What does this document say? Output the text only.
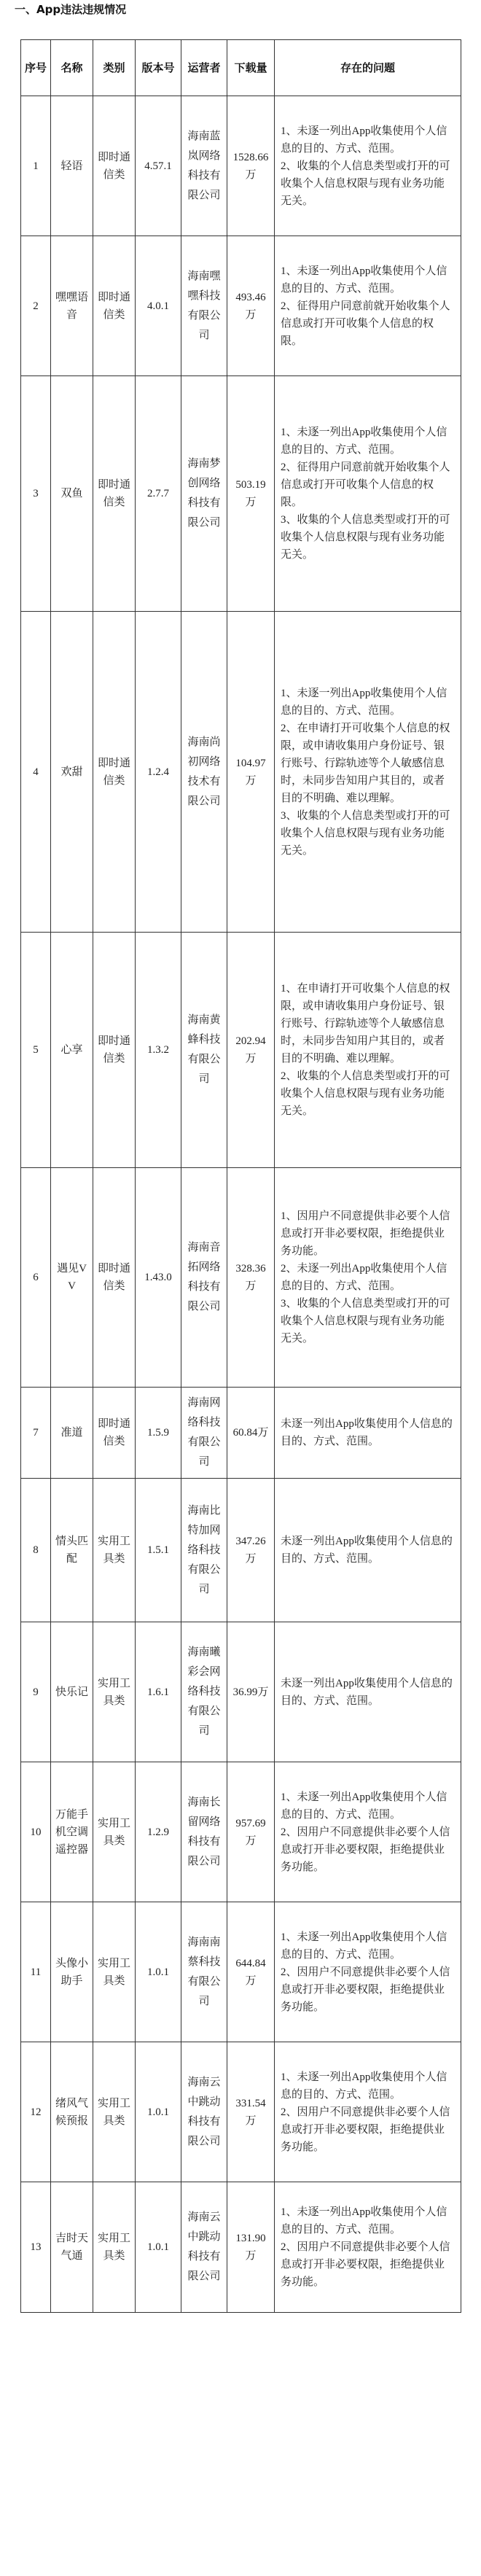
一、App违法违规情况
序号	名称	类别	版本号	运营者	下载量	存在的问题
1	轻语	即时通信类	4.57.1	海南蓝岚网络科技有限公司	1528.66万	1、未逐一列出App收集使用个人信息的目的、方式、范围。
2、收集的个人信息类型或打开的可收集个人信息权限与现有业务功能无关。

2	嘿嘿语音	即时通信类	4.0.1	海南嘿嘿科技有限公司	493.46万	1、未逐一列出App收集使用个人信息的目的、方式、范围。
2、征得用户同意前就开始收集个人信息或打开可收集个人信息的权限。

3	双鱼	即时通信类	2.7.7	海南梦创网络科技有限公司	503.19万	1、未逐一列出App收集使用个人信息的目的、方式、范围。
2、征得用户同意前就开始收集个人信息或打开可收集个人信息的权限。
3、收集的个人信息类型或打开的可收集个人信息权限与现有业务功能无关。

4	欢甜	即时通信类	1.2.4	海南尚初网络技术有限公司	104.97万	1、未逐一列出App收集使用个人信息的目的、方式、范围。
2、在申请打开可收集个人信息的权限，或申请收集用户身份证号、银行账号、行踪轨迹等个人敏感信息时，未同步告知用户其目的，或者目的不明确、难以理解。
3、收集的个人信息类型或打开的可收集个人信息权限与现有业务功能无关。

5	心享	即时通信类	1.3.2	海南黄蜂科技有限公司	202.94万	1、在申请打开可收集个人信息的权限，或申请收集用户身份证号、银行账号、行踪轨迹等个人敏感信息时，未同步告知用户其目的，或者目的不明确、难以理解。
2、收集的个人信息类型或打开的可收集个人信息权限与现有业务功能无关。

6	遇见VV	即时通信类	1.43.0	海南音拓网络科技有限公司	328.36万	1、因用户不同意提供非必要个人信息或打开非必要权限，拒绝提供业务功能。
2、未逐一列出App收集使用个人信息的目的、方式、范围。
3、收集的个人信息类型或打开的可收集个人信息权限与现有业务功能无关。

7	准道	即时通信类	1.5.9	海南网络科技有限公司	60.84万	未逐一列出App收集使用个人信息的目的、方式、范围。

8	情头匹配	实用工具类	1.5.1	海南比特加网络科技有限公司	347.26万	未逐一列出App收集使用个人信息的目的、方式、范围。

9	快乐记	实用工具类	1.6.1	海南曦彩会网络科技有限公司	36.99万	未逐一列出App收集使用个人信息的目的、方式、范围。

10	万能手机空调遥控器	实用工具类	1.2.9	海南长留网络科技有限公司	957.69万	1、未逐一列出App收集使用个人信息的目的、方式、范围。
2、因用户不同意提供非必要个人信息或打开非必要权限，拒绝提供业务功能。

11	头像小助手	实用工具类	1.0.1	海南南蔡科技有限公司	644.84万	1、未逐一列出App收集使用个人信息的目的、方式、范围。
2、因用户不同意提供非必要个人信息或打开非必要权限，拒绝提供业务功能。

12	绪风气候预报	实用工具类	1.0.1	海南云中跳动科技有限公司	331.54万	1、未逐一列出App收集使用个人信息的目的、方式、范围。
2、因用户不同意提供非必要个人信息或打开非必要权限，拒绝提供业务功能。

13	吉时天气通	实用工具类	1.0.1	海南云中跳动科技有限公司	131.90万	1、未逐一列出App收集使用个人信息的目的、方式、范围。
2、因用户不同意提供非必要个人信息或打开非必要权限，拒绝提供业务功能。
